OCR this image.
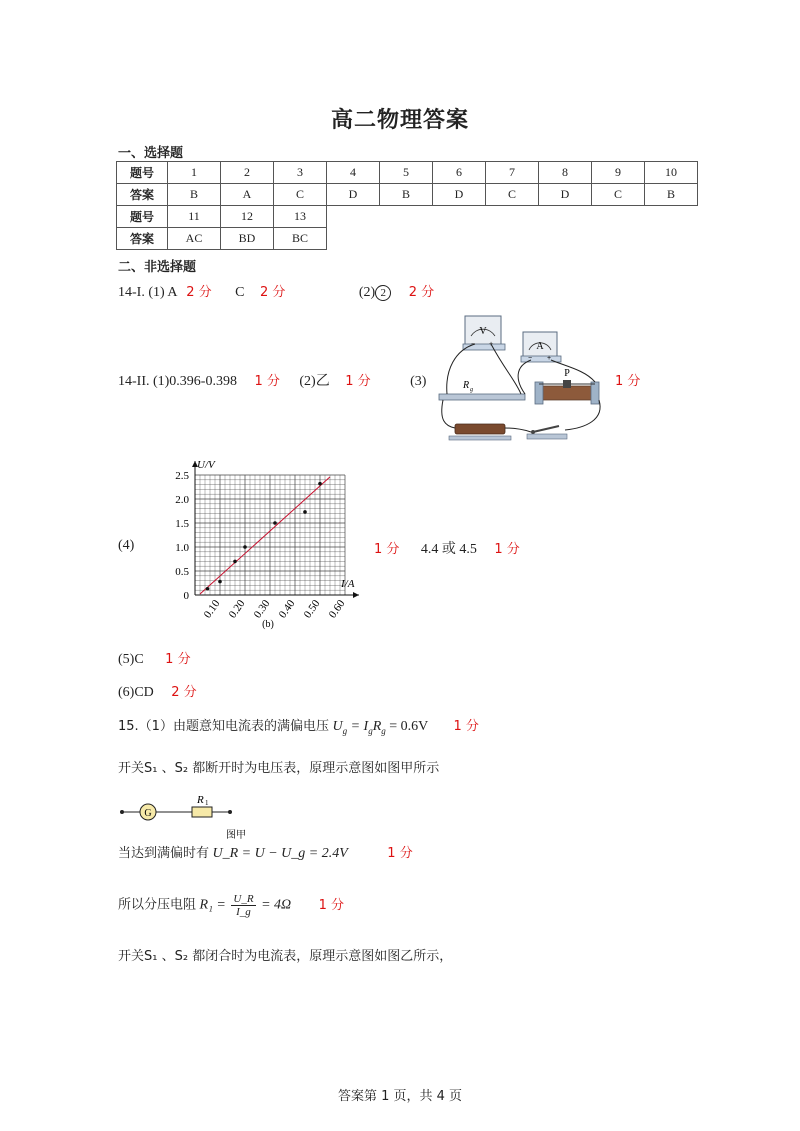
高二物理答案
一、选择题
题号	1	2	3	4	5	6	7	8	9	10
答案	B	A	C	D	B	D	C	D	C	B
题号	11	12	13							
答案	AC	BD	BC							
二、非选择题
14-I. (1) A 2 分 C 2 分	(2) 2 2 分
14-II. (1)0.396-0.398 1 分 (2)乙 1 分	(3)	1 分
V
− +	A
− +
R g
P
(4)	1 分 4.4 或 4.5 1 分
0
0.5
1.0
1.5
2.0
2.5
0.10 0.20 0.30 0.40 0.50 0.60
U/V
I/A
(b)
(5)C 1 分
(6)CD 2 分
15.（1）由题意知电流表的满偏电压 $U_g = I_gR_g = 0.6V$ 1 分
开关S₁ 、S₂ 都断开时为电压表，原理示意图如图甲所示
G
R 1
图甲
当达到满偏时有 U_R = U − U_g = 2.4V	1 分
所以分压电阻 $R_1 = \frac{U\_R}{I\_g} = 4\Omega$ 1 分
开关S₁ 、S₂ 都闭合时为电流表，原理示意图如图乙所示，
答案第 1 页，共 4 页
